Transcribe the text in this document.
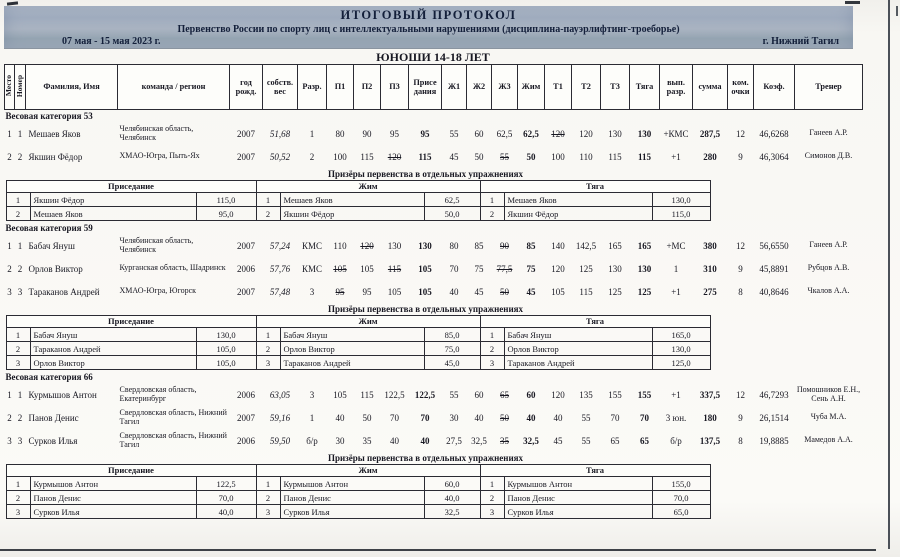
ИТОГОВЫЙ ПРОТОКОЛ
Первенство России по спорту лиц с интеллектуальными нарушениями (дисциплина-пауэрлифтинг-троеборье)
07 мая - 15 мая 2023 г.	г. Нижний Тагил
ЮНОШИ 14-18 ЛЕТ
Место	Номер	Фамилия, Имя	команда / регион	год рожд.	собств. вес	Разр.	П1	П2	П3	Присе дания	Ж1	Ж2	Ж3	Жим	Т1	Т2	Т3	Тяга	вып. разр.	сумма	ком. очки	Коэф.	Тренер
Весовая категория 53
1	1	Мешаев Яков	Челябинская область, Челябинск	2007	51,68	1	80	90	95	95	55	60	62,5	62,5	120	120	130	130	+КМС	287,5	12	46,6268	Ганеев А.Р.
2	2	Якшин Фёдор	ХМАО-Югра, Пыть-Ях	2007	50,52	2	100	115	120	115	45	50	55	50	100	110	115	115	+1	280	9	46,3064	Симонов Д.В.

Призёры первенства в отдельных упражнениях
Приседание	Жим	Тяга
1	Якшин Фёдор	115,0	1	Мешаев Яков	62,5	1	Мешаев Яков	130,0
2	Мешаев Яков	95,0	2	Якшин Фёдор	50,0	2	Якшин Фёдор	115,0

Весовая категория 59
1	1	Бабач Януш	Челябинская область, Челябинск	2007	57,24	КМС	110	120	130	130	80	85	90	85	140	142,5	165	165	+МС	380	12	56,6550	Ганеев А.Р.
2	2	Орлов Виктор	Курганская область, Шадринск	2006	57,76	КМС	105	105	115	105	70	75	77,5	75	120	125	130	130	1	310	9	45,8891	Рубцов А.В.
3	3	Тараканов Андрей	ХМАО-Югра, Югорск	2007	57,48	3	95	95	105	105	40	45	50	45	105	115	125	125	+1	275	8	40,8646	Чкалов А.А.

Призёры первенства в отдельных упражнениях
Приседание	Жим	Тяга
1	Бабач Януш	130,0	1	Бабач Януш	85,0	1	Бабач Януш	165,0
2	Тараканов Андрей	105,0	2	Орлов Виктор	75,0	2	Орлов Виктор	130,0
3	Орлов Виктор	105,0	3	Тараканов Андрей	45,0	3	Тараканов Андрей	125,0

Весовая категория 66
1	1	Курмышов Антон	Свердловская область, Екатеринбург	2006	63,05	3	105	115	122,5	122,5	55	60	65	60	120	135	155	155	+1	337,5	12	46,7293	Помошников Е.Н., Сень А.Н.
2	2	Панов Денис	Свердловская область, Нижний Тагил	2007	59,16	1	40	50	70	70	30	40	50	40	40	55	70	70	3 юн.	180	9	26,1514	Чуба М.А.
3	3	Сурков Илья	Свердловская область, Нижний Тагил	2006	59,50	б/р	30	35	40	40	27,5	32,5	35	32,5	45	55	65	65	б/р	137,5	8	19,8885	Мамедов А.А.

Призёры первенства в отдельных упражнениях
Приседание	Жим	Тяга
1	Курмышов Антон	122,5	1	Курмышов Антон	60,0	1	Курмышов Антон	155,0
2	Панов Денис	70,0	2	Панов Денис	40,0	2	Панов Денис	70,0
3	Сурков Илья	40,0	3	Сурков Илья	32,5	3	Сурков Илья	65,0
